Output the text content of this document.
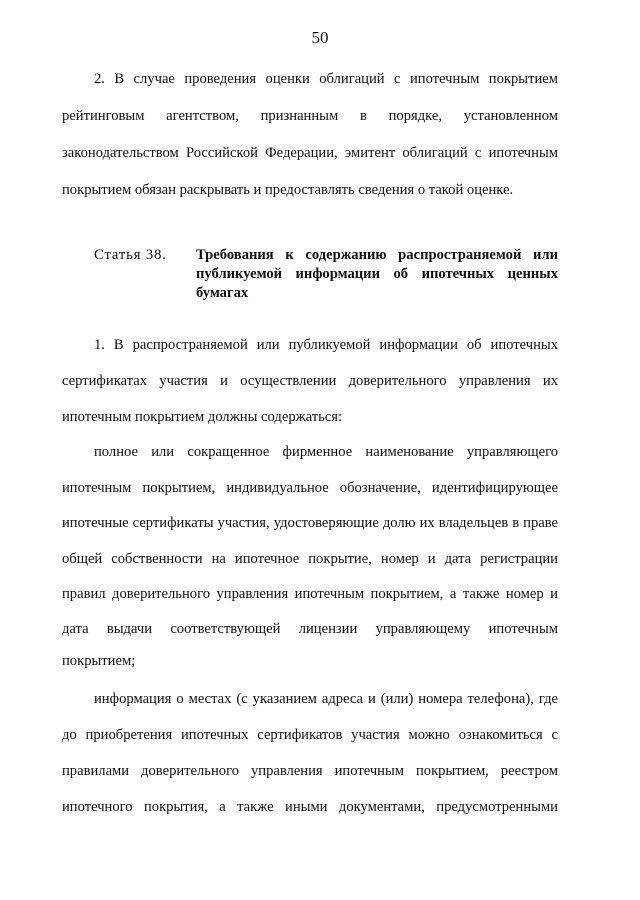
50
2. В случае проведения оценки облигаций с ипотечным покрытием
рейтинговым агентством, признанным в порядке, установленном
законодательством Российской Федерации, эмитент облигаций с ипотечным
покрытием обязан раскрывать и предоставлять сведения о такой оценке.
Статья 38. Требования к содержанию распространяемой или
публикуемой информации об ипотечных ценных
бумагах
1. В распространяемой или публикуемой информации об ипотечных
сертификатах участия и осуществлении доверительного управления их
ипотечным покрытием должны содержаться:
полное или сокращенное фирменное наименование управляющего
ипотечным покрытием, индивидуальное обозначение, идентифицирующее
ипотечные сертификаты участия, удостоверяющие долю их владельцев в праве
общей собственности на ипотечное покрытие, номер и дата регистрации
правил доверительного управления ипотечным покрытием, а также номер и
дата выдачи соответствующей лицензии управляющему ипотечным
покрытием;
информация о местах (с указанием адреса и (или) номера телефона), где
до приобретения ипотечных сертификатов участия можно ознакомиться с
правилами доверительного управления ипотечным покрытием, реестром
ипотечного покрытия, а также иными документами, предусмотренными
